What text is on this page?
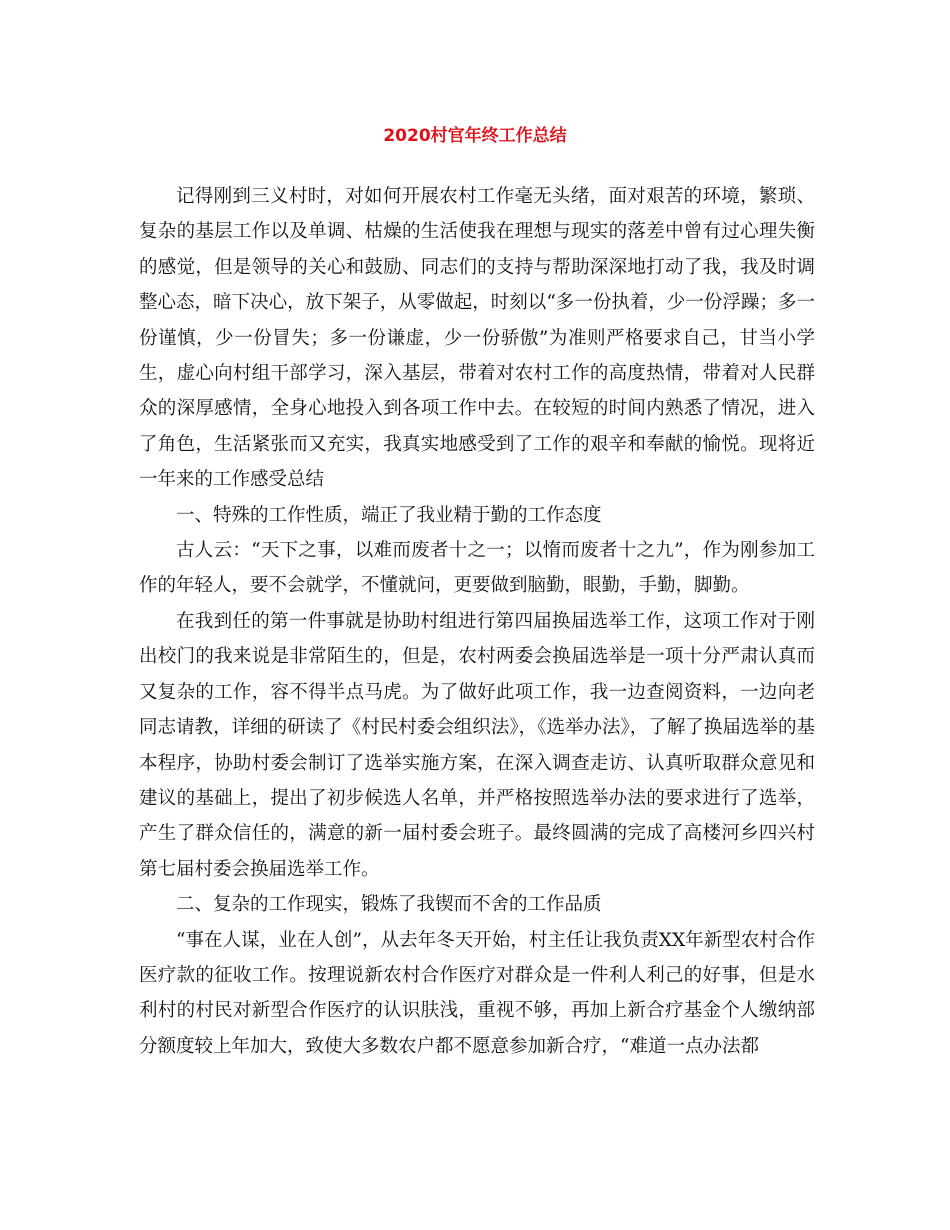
2020村官年终工作总结

记得刚到三义村时，对如何开展农村工作毫无头绪，面对艰苦的环境，繁琐、复杂的基层工作以及单调、枯燥的生活使我在理想与现实的落差中曾有过心理失衡的感觉，但是领导的关心和鼓励、同志们的支持与帮助深深地打动了我，我及时调整心态，暗下决心，放下架子，从零做起，时刻以“多一份执着，少一份浮躁；多一份谨慎，少一份冒失；多一份谦虚，少一份骄傲”为准则严格要求自己，甘当小学生，虚心向村组干部学习，深入基层，带着对农村工作的高度热情，带着对人民群众的深厚感情，全身心地投入到各项工作中去。在较短的时间内熟悉了情况，进入了角色，生活紧张而又充实，我真实地感受到了工作的艰辛和奉献的愉悦。现将近一年来的工作感受总结

一、特殊的工作性质，端正了我业精于勤的工作态度

古人云：“天下之事，以难而废者十之一；以惰而废者十之九”，作为刚参加工作的年轻人，要不会就学，不懂就问，更要做到脑勤，眼勤，手勤，脚勤。

在我到任的第一件事就是协助村组进行第四届换届选举工作，这项工作对于刚出校门的我来说是非常陌生的，但是，农村两委会换届选举是一项十分严肃认真而又复杂的工作，容不得半点马虎。为了做好此项工作，我一边查阅资料，一边向老同志请教，详细的研读了《村民村委会组织法》，《选举办法》，了解了换届选举的基本程序，协助村委会制订了选举实施方案，在深入调查走访、认真听取群众意见和建议的基础上，提出了初步候选人名单，并严格按照选举办法的要求进行了选举，产生了群众信任的，满意的新一届村委会班子。最终圆满的完成了高楼河乡四兴村第七届村委会换届选举工作。

二、复杂的工作现实，锻炼了我锲而不舍的工作品质

“事在人谋，业在人创”，从去年冬天开始，村主任让我负责XX年新型农村合作医疗款的征收工作。按理说新农村合作医疗对群众是一件利人利己的好事，但是水利村的村民对新型合作医疗的认识肤浅，重视不够，再加上新合疗基金个人缴纳部分额度较上年加大，致使大多数农户都不愿意参加新合疗，“难道一点办法都
